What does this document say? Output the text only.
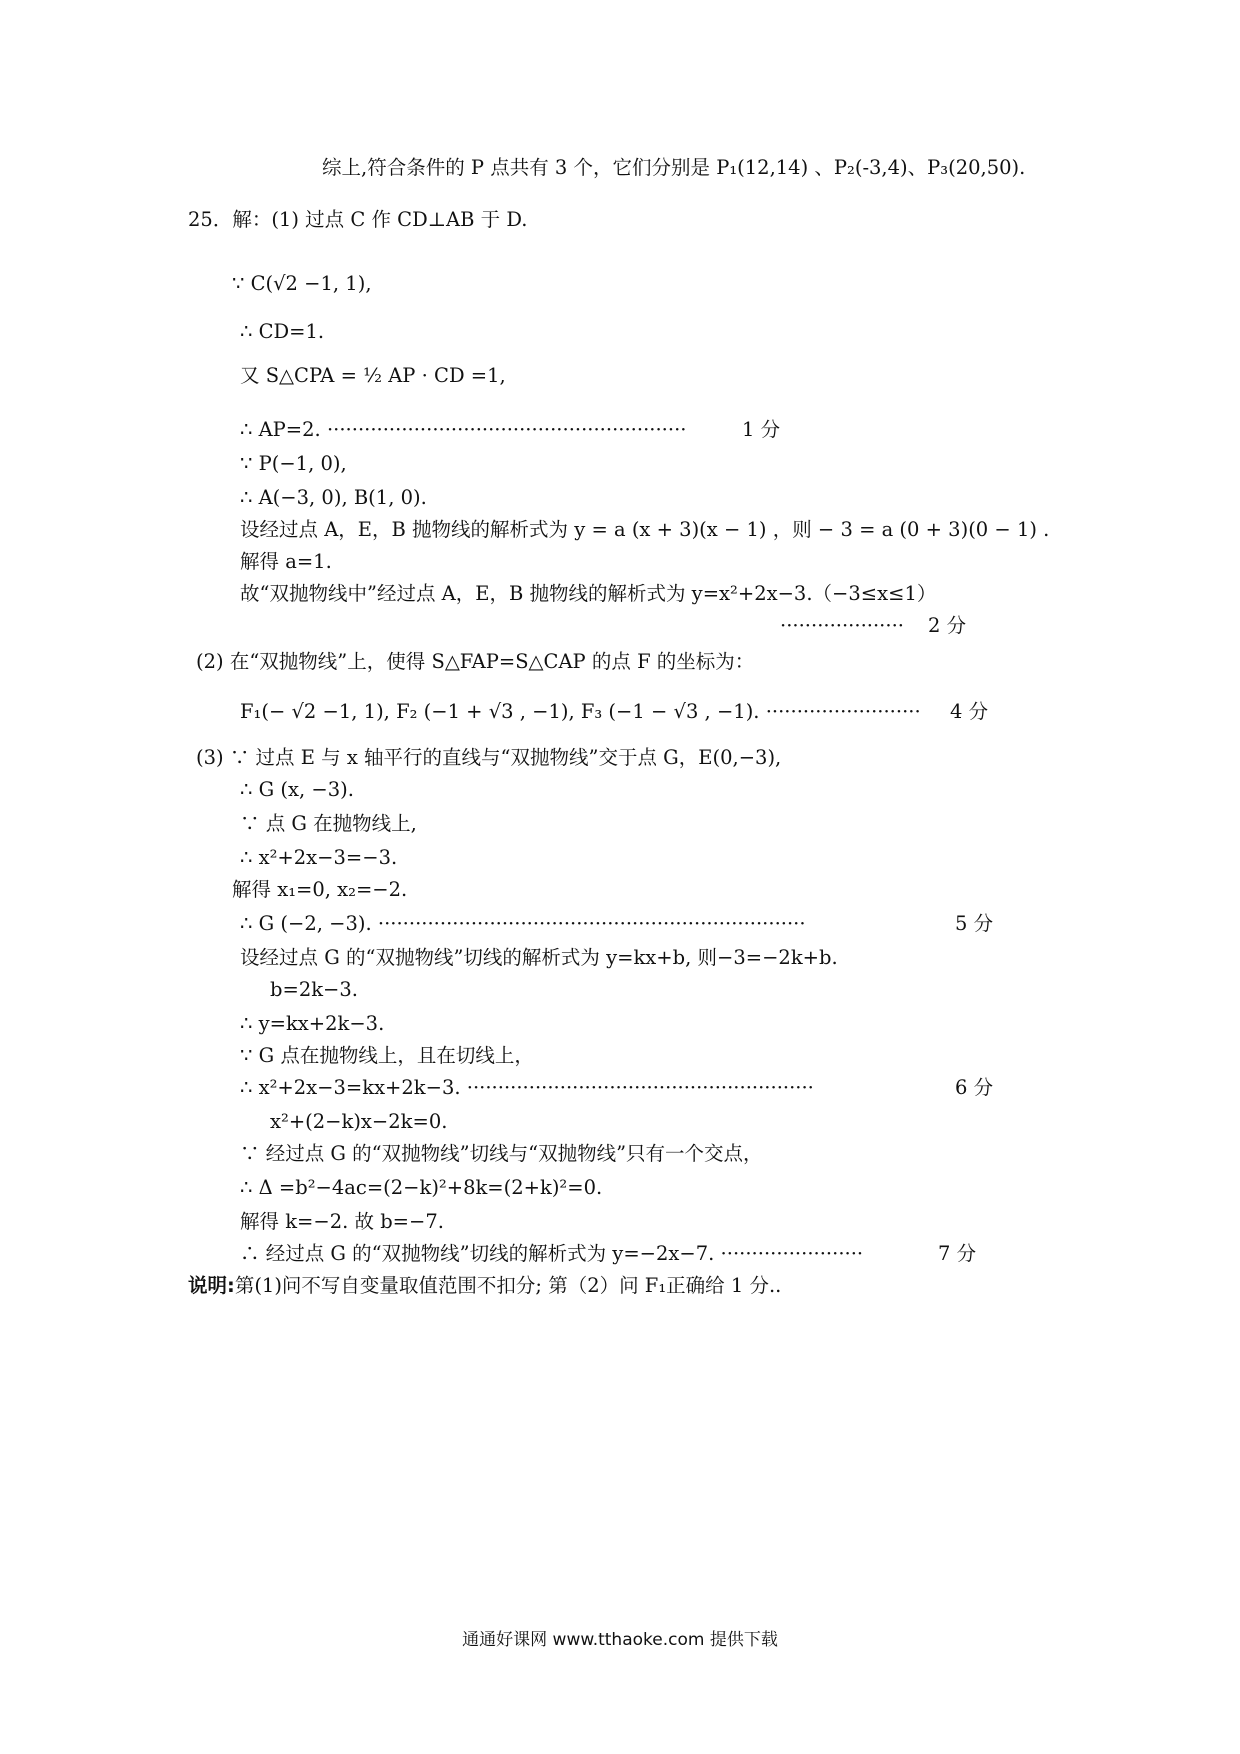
综上,符合条件的 P 点共有 3 个，它们分别是 P₁(12,14) 、P₂(-3,4)、P₃(20,50).
25．解：(1) 过点 C 作 CD⊥AB 于 D.
∵ C(√2 −1, 1),
∴ CD=1.
又 S△CPA = ½ AP · CD =1,
∴ AP=2. ··························································	1 分
∵ P(−1, 0),
∴ A(−3, 0), B(1, 0).
设经过点 A，E，B 抛物线的解析式为 y = a (x + 3)(x − 1) ，则 − 3 = a (0 + 3)(0 − 1) .
解得 a=1.
故“双抛物线中”经过点 A，E，B 抛物线的解析式为 y=x²+2x−3.（−3≤x≤1）
···················· 2 分
(2) 在“双抛物线”上，使得 S△FAP=S△CAP 的点 F 的坐标为：
F₁(− √2 −1, 1), F₂ (−1 + √3 , −1), F₃ (−1 − √3 , −1). ························· 4 分
(3) ∵ 过点 E 与 x 轴平行的直线与“双抛物线”交于点 G，E(0,−3),
∴ G (x, −3).
∵ 点 G 在抛物线上,
∴ x²+2x−3=−3.
解得 x₁=0, x₂=−2.
∴ G (−2, −3). ·····································································	5 分
设经过点 G 的“双抛物线”切线的解析式为 y=kx+b, 则−3=−2k+b.
b=2k−3.
∴ y=kx+2k−3.
∵ G 点在抛物线上，且在切线上，
∴ x²+2x−3=kx+2k−3. ························································	6 分
x²+(2−k)x−2k=0.
∵ 经过点 G 的“双抛物线”切线与“双抛物线”只有一个交点，
∴ Δ =b²−4ac=(2−k)²+8k=(2+k)²=0.
解得 k=−2. 故 b=−7.
∴ 经过点 G 的“双抛物线”切线的解析式为 y=−2x−7. ·······················	7 分
说明:第(1)问不写自变量取值范围不扣分; 第（2）问 F₁正确给 1 分..
通通好课网 www.tthaoke.com 提供下载
